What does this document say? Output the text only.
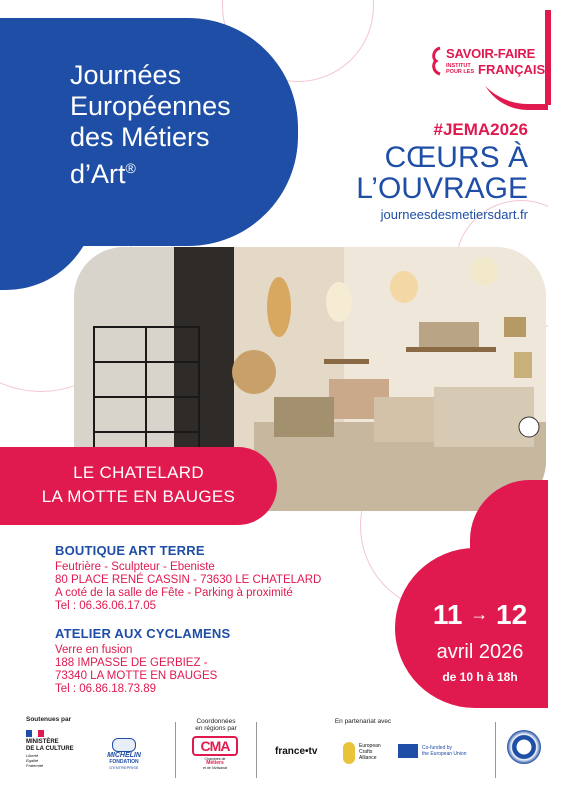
Journées
Européennes
des Métiers
d’Art®
SAVOIR-FAIRE
INSTITUT
POUR LES FRANÇAIS
#JEMA2026
CŒURS À
L’OUVRAGE
journeesdesmetiersdart.fr
LE CHATELARD
LA MOTTE EN BAUGES
BOUTIQUE ART TERRE
Feutrière - Sculpteur - Ebeniste
80 PLACE RENÉ CASSIN - 73630 LE CHATELARD
A coté de la salle de Fête - Parking à proximité
Tel : 06.36.06.17.05
ATELIER AUX CYCLAMENS
Verre en fusion
188 IMPASSE DE GERBIEZ -
73340 LA MOTTE EN BAUGES
Tel : 06.86.18.73.89
11 → 12
avril 2026
de 10 h à 18h
Soutenues par
MINISTÈRE
DE LA CULTURE
Liberté
Égalité
Fraternité
MICHELIN
FONDATION
D'ENTREPRISE
Coordonnées
en régions par
CMA
Chambres de
Métiers
et de l'Artisanat
En partenariat avec
france•tv	European
Crafts
Alliance
Co-funded by
the European Union
